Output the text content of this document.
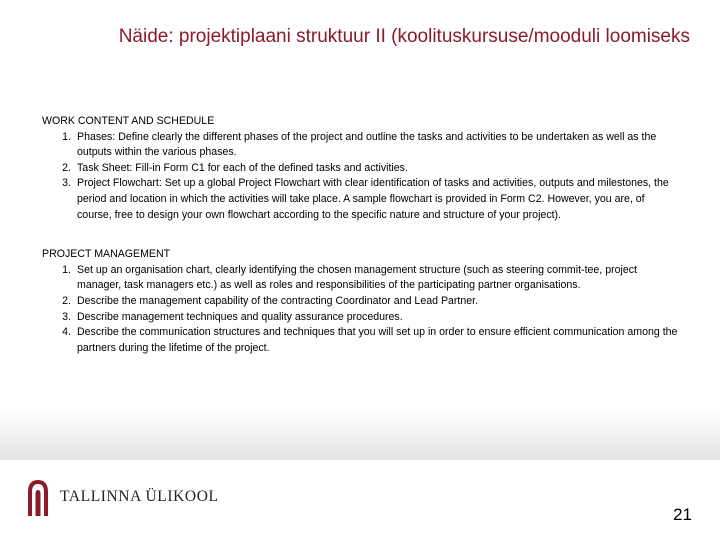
Näide: projektiplaani struktuur II (koolituskursuse/mooduli loomiseks

WORK CONTENT AND SCHEDULE

1. Phases: Define clearly the different phases of the project and outline the tasks and activities to be undertaken as well as the outputs within the various phases.
2. Task Sheet: Fill-in Form C1 for each of the defined tasks and activities.
3. Project Flowchart: Set up a global Project Flowchart with clear identification of tasks and activities, outputs and milestones, the period and location in which the activities will take place. A sample flowchart is provided in Form C2. However, you are, of course, free to design your own flowchart according to the specific nature and structure of your project).

PROJECT MANAGEMENT

1. Set up an organisation chart, clearly identifying the chosen management structure (such as steering commit-tee, project manager, task managers etc.) as well as roles and responsibilities of the participating partner organisations.
2. Describe the management capability of the contracting Coordinator and Lead Partner.
3. Describe management techniques and quality assurance procedures.
4. Describe the communication structures and techniques that you will set up in order to ensure efficient communication among the partners during the lifetime of the project.
TALLINNA ÜLIKOOL
21
